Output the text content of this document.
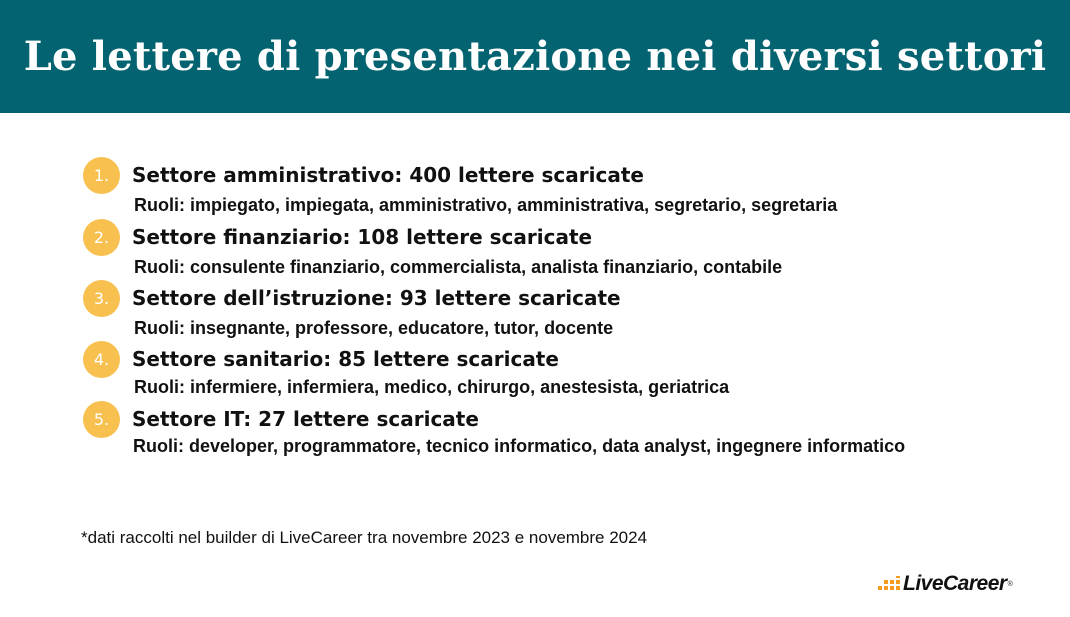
Le lettere di presentazione nei diversi settori
1.	Settore amministrativo: 400 lettere scaricate
Ruoli: impiegato, impiegata, amministrativo, amministrativa, segretario, segretaria
2.	Settore finanziario: 108 lettere scaricate
Ruoli: consulente finanziario, commercialista, analista finanziario, contabile
3.	Settore dell’istruzione: 93 lettere scaricate
Ruoli: insegnante, professore, educatore, tutor, docente
4.	Settore sanitario: 85 lettere scaricate
Ruoli: infermiere, infermiera, medico, chirurgo, anestesista, geriatrica
5.	Settore IT: 27 lettere scaricate
Ruoli: developer, programmatore, tecnico informatico, data analyst, ingegnere informatico
*dati raccolti nel builder di LiveCareer tra novembre 2023 e novembre 2024
LiveCareer ®
